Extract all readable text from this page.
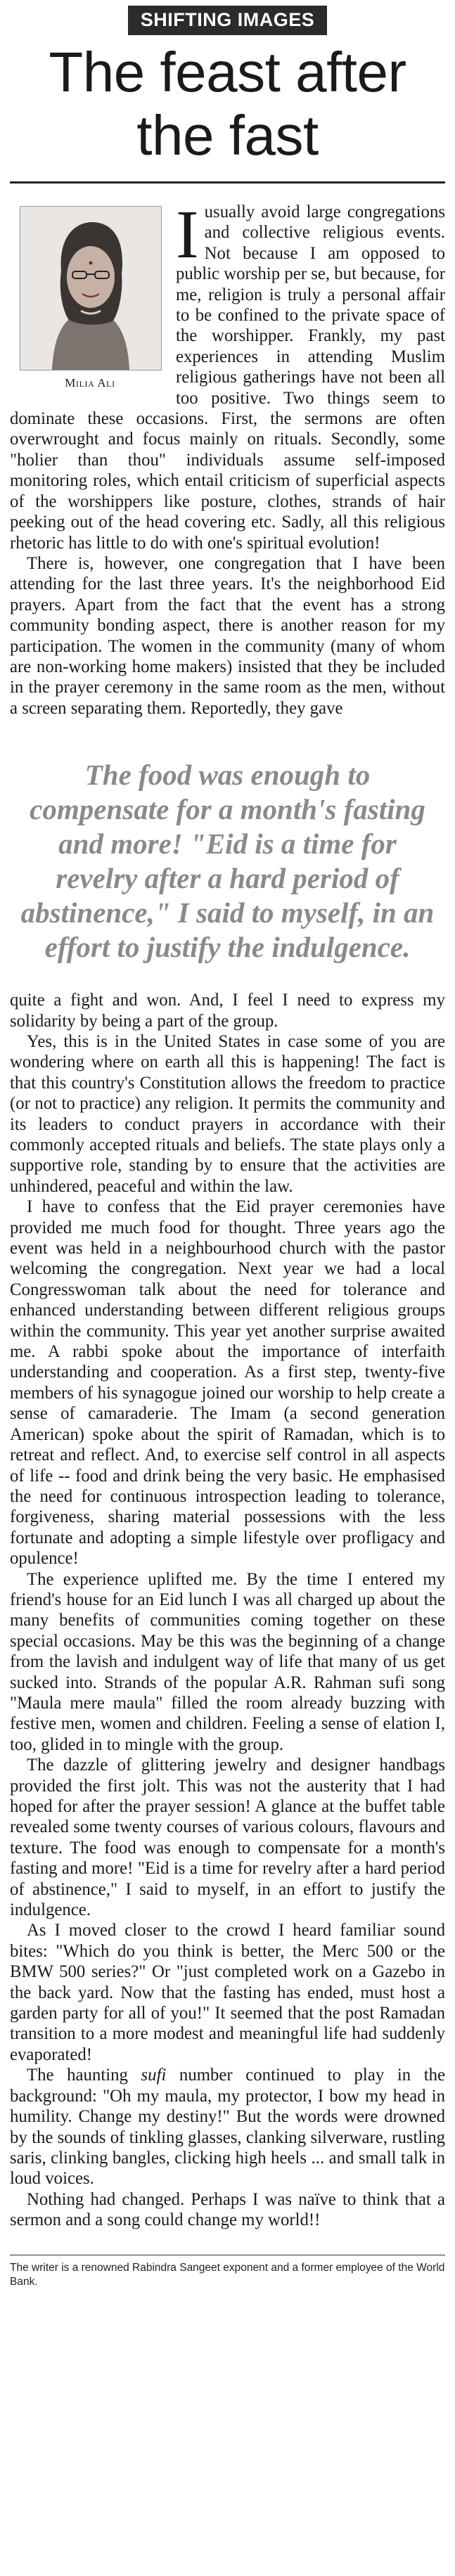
SHIFTING IMAGES
The feast after the fast
Milia Ali
I usually avoid large congregations and collective religious events. Not because I am opposed to public worship per se, but because, for me, religion is truly a personal affair to be confined to the private space of the worshipper. Frankly, my past experiences in attending Muslim religious gatherings have not been all too positive. Two things seem to dominate these occasions. First, the sermons are often overwrought and focus mainly on rituals. Secondly, some "holier than thou" individuals assume self-imposed monitoring roles, which entail criticism of superficial aspects of the worshippers like posture, clothes, strands of hair peeking out of the head covering etc. Sadly, all this religious rhetoric has little to do with one's spiritual evolution!

There is, however, one congregation that I have been attending for the last three years. It's the neighborhood Eid prayers. Apart from the fact that the event has a strong community bonding aspect, there is another reason for my participation. The women in the community (many of whom are non-working home makers) insisted that they be included in the prayer ceremony in the same room as the men, without a screen separating them. Reportedly, they gave

The food was enough to compensate for a month's fasting and more! "Eid is a time for revelry after a hard period of abstinence," I said to myself, in an effort to justify the indulgence.

quite a fight and won. And, I feel I need to express my solidarity by being a part of the group.

Yes, this is in the United States in case some of you are wondering where on earth all this is happening! The fact is that this country's Constitution allows the freedom to practice (or not to practice) any religion. It permits the community and its leaders to conduct prayers in accordance with their commonly accepted rituals and beliefs. The state plays only a supportive role, standing by to ensure that the activities are unhindered, peaceful and within the law.

I have to confess that the Eid prayer ceremonies have provided me much food for thought. Three years ago the event was held in a neighbourhood church with the pastor welcoming the congregation. Next year we had a local Congresswoman talk about the need for tolerance and enhanced understanding between different religious groups within the community. This year yet another surprise awaited me. A rabbi spoke about the importance of interfaith understanding and cooperation. As a first step, twenty-five members of his synagogue joined our worship to help create a sense of camaraderie. The Imam (a second generation American) spoke about the spirit of Ramadan, which is to retreat and reflect. And, to exercise self control in all aspects of life -- food and drink being the very basic. He emphasised the need for continuous introspection leading to tolerance, forgiveness, sharing material possessions with the less fortunate and adopting a simple lifestyle over profligacy and opulence!

The experience uplifted me. By the time I entered my friend's house for an Eid lunch I was all charged up about the many benefits of communities coming together on these special occasions. May be this was the beginning of a change from the lavish and indulgent way of life that many of us get sucked into. Strands of the popular A.R. Rahman sufi song "Maula mere maula" filled the room already buzzing with festive men, women and children. Feeling a sense of elation I, too, glided in to mingle with the group.

The dazzle of glittering jewelry and designer handbags provided the first jolt. This was not the austerity that I had hoped for after the prayer session! A glance at the buffet table revealed some twenty courses of various colours, flavours and texture. The food was enough to compensate for a month's fasting and more! "Eid is a time for revelry after a hard period of abstinence," I said to myself, in an effort to justify the indulgence.

As I moved closer to the crowd I heard familiar sound bites: "Which do you think is better, the Merc 500 or the BMW 500 series?" Or "just completed work on a Gazebo in the back yard. Now that the fasting has ended, must host a garden party for all of you!" It seemed that the post Ramadan transition to a more modest and meaningful life had suddenly evaporated!

The haunting sufi number continued to play in the background: "Oh my maula, my protector, I bow my head in humility. Change my destiny!" But the words were drowned by the sounds of tinkling glasses, clanking silverware, rustling saris, clinking bangles, clicking high heels ... and small talk in loud voices.

Nothing had changed. Perhaps I was naïve to think that a sermon and a song could change my world!!

The writer is a renowned Rabindra Sangeet exponent and a former employee of the World Bank.
